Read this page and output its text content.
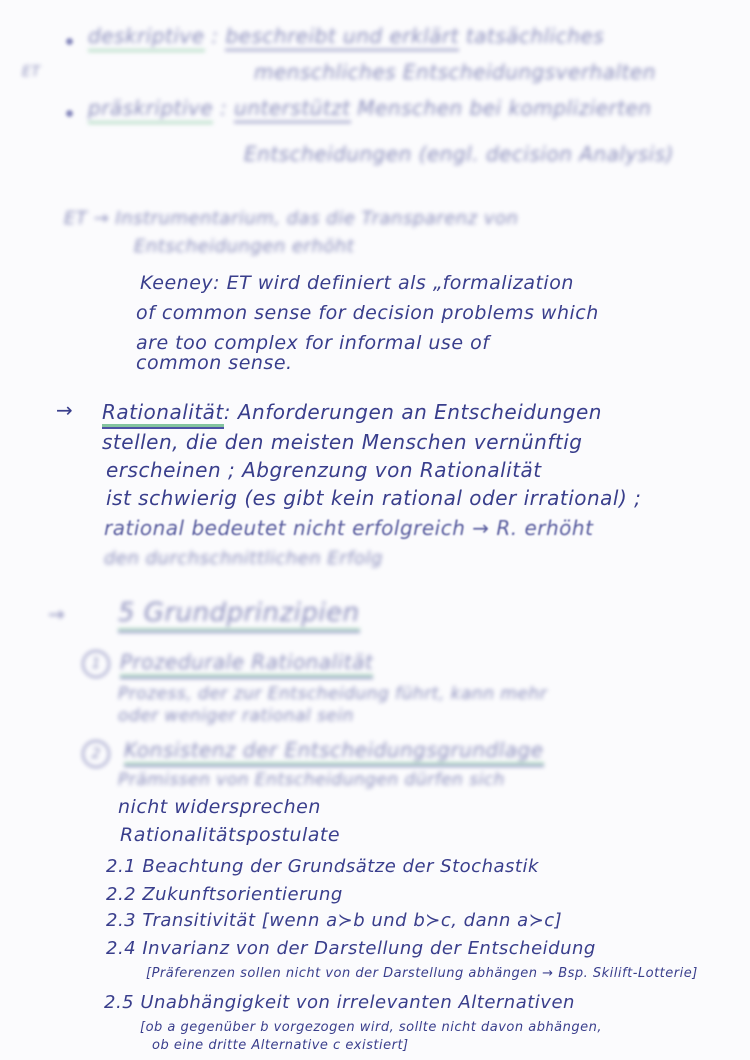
ET
deskriptive : beschreibt und erklärt tatsächliches
menschliches Entscheidungsverhalten
präskriptive : unterstützt Menschen bei komplizierten
Entscheidungen (engl. decision Analysis)
ET → Instrumentarium, das die Transparenz von
Entscheidungen erhöht
Keeney: ET wird definiert als „formalization
of common sense for decision problems which
are too complex for informal use of
common sense.
→ Rationalität: Anforderungen an Entscheidungen
stellen, die den meisten Menschen vernünftig
erscheinen ; Abgrenzung von Rationalität
ist schwierig (es gibt kein rational oder irrational) ;
rational bedeutet nicht erfolgreich → R. erhöht
den durchschnittlichen Erfolg
→ 5 Grundprinzipien
1 Prozedurale Rationalität
Prozess, der zur Entscheidung führt, kann mehr
oder weniger rational sein
2	Konsistenz der Entscheidungsgrundlage
Prämissen von Entscheidungen dürfen sich
nicht widersprechen
Rationalitätspostulate
2.1 Beachtung der Grundsätze der Stochastik
2.2 Zukunftsorientierung
2.3 Transitivität [wenn a≻b und b≻c, dann a≻c]
2.4 Invarianz von der Darstellung der Entscheidung
[Präferenzen sollen nicht von der Darstellung abhängen → Bsp. Skilift-Lotterie]
2.5 Unabhängigkeit von irrelevanten Alternativen
[ob a gegenüber b vorgezogen wird, sollte nicht davon abhängen,
ob eine dritte Alternative c existiert]
